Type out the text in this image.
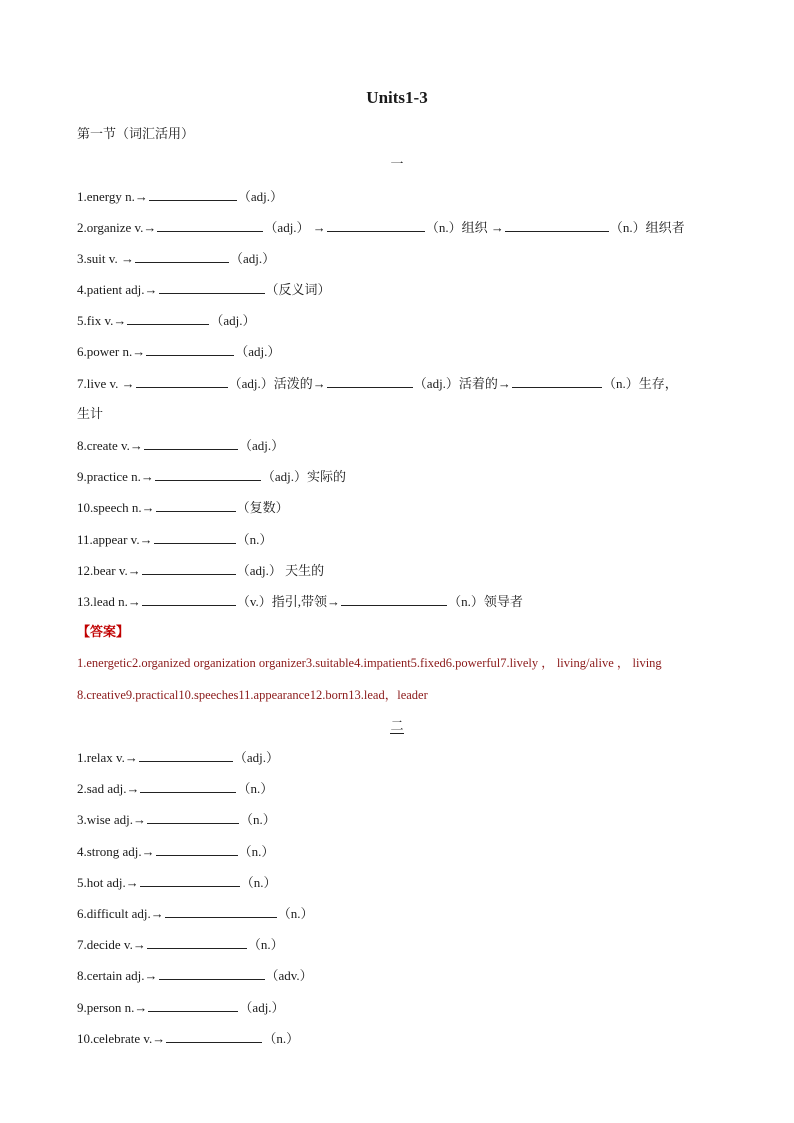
Units1-3
第一节（词汇活用）
一
1.energy n.→	（adj.）
2.organize v.→	（adj.） →	（n.）组织 →	（n.）组织者
3.suit v. →	（adj.）
4.patient adj.→	（反义词）
5.fix v.→	（adj.）
6.power n.→	（adj.）
7.live v. →	（adj.）活泼的→	（adj.）活着的→	（n.）生存，
生计
8.create v.→	（adj.）
9.practice n.→	（adj.）实际的
10.speech n.→	（复数）
11.appear v.→	（n.）
12.bear v.→	（adj.） 天生的
13.lead n.→	（v.）指引,带领→	（n.）领导者
【答案】
1.energetic2.organized organization organizer3.suitable4.impatient5.fixed6.powerful7.lively ， living/alive ， living
8.creative9.practical10.speeches11.appearance12.born13.lead，leader
二
1.relax v.→	（adj.）
2.sad adj.→	（n.）
3.wise adj.→	（n.）
4.strong adj.→	（n.）
5.hot adj.→	（n.）
6.difficult adj.→	（n.）
7.decide v.→	（n.）
8.certain adj.→	（adv.）
9.person n.→	（adj.）
10.celebrate v.→	（n.）
